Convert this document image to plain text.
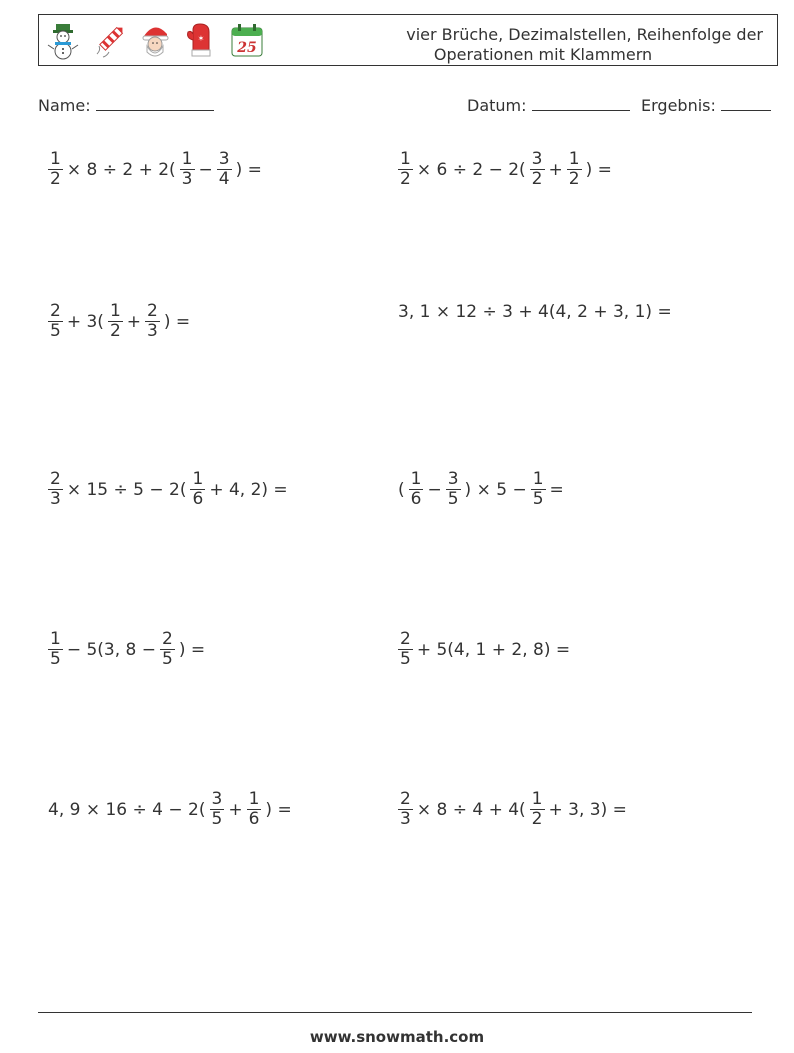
✶
25
vier Brüche, Dezimalstellen, Reihenfolge der
Operationen mit Klammern
Name:	Datum:	Ergebnis:
$\frac{1}{2} \times 8 \div 2 + 2( \frac{1}{3} - \frac{3}{4}$ ) =	$\frac{1}{2} \times 6 \div 2 - 2( \frac{3}{2} + \frac{1}{2}$ ) =
$\frac{2}{5} + 3( \frac{1}{2} + \frac{2}{3}$ ) =	3, 1 × 12 ÷ 3 + 4(4, 2 + 3, 1) =
$\frac{2}{3} \times 15 \div 5 - 2( \frac{1}{6} + 4$, 2) =	( $\frac{1}{6} - \frac{3}{5}$ ) × $5 - \frac{1}{5}$ =
$\frac{1}{5} - 5(3$, $8 - \frac{2}{5}$ ) =	$\frac{2}{5} + 5(4$, 1 + 2, 8) =
4, $9 \times 16 \div 4 - 2( \frac{3}{5} + \frac{1}{6}$ ) =	$\frac{2}{3} \times 8 \div 4 + 4( \frac{1}{2} + 3$, 3) =
www.snowmath.com
